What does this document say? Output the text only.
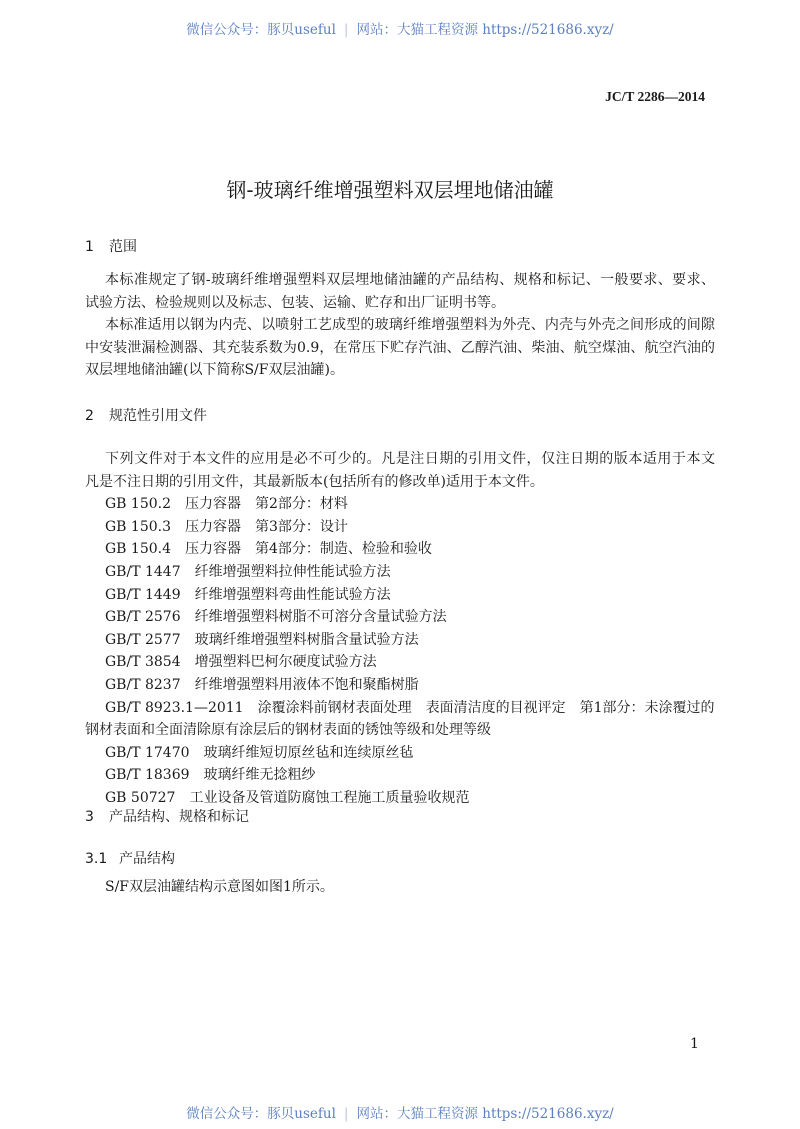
微信公众号：豚贝useful | 网站：大猫工程资源 https://521686.xyz/
JC/T 2286—2014
钢-玻璃纤维增强塑料双层埋地储油罐
1 范围
本标准规定了钢-玻璃纤维增强塑料双层埋地储油罐的产品结构、规格和标记、一般要求、要求、
试验方法、检验规则以及标志、包装、运输、贮存和出厂证明书等。
本标准适用以钢为内壳、以喷射工艺成型的玻璃纤维增强塑料为外壳、内壳与外壳之间形成的间隙
中安装泄漏检测器、其充装系数为0.9，在常压下贮存汽油、乙醇汽油、柴油、航空煤油、航空汽油的
双层埋地储油罐(以下简称S/F双层油罐)。
2 规范性引用文件
下列文件对于本文件的应用是必不可少的。凡是注日期的引用文件，仅注日期的版本适用于本文
凡是不注日期的引用文件，其最新版本(包括所有的修改单)适用于本文件。
GB 150.2 压力容器　第2部分：材料
GB 150.3 压力容器　第3部分：设计
GB 150.4 压力容器　第4部分：制造、检验和验收
GB/T 1447 纤维增强塑料拉伸性能试验方法
GB/T 1449 纤维增强塑料弯曲性能试验方法
GB/T 2576 纤维增强塑料树脂不可溶分含量试验方法
GB/T 2577 玻璃纤维增强塑料树脂含量试验方法
GB/T 3854 增强塑料巴柯尔硬度试验方法
GB/T 8237 纤维增强塑料用液体不饱和聚酯树脂
GB/T 8923.1—2011 涂覆涂料前钢材表面处理　表面清洁度的目视评定　第1部分：未涂覆过的
钢材表面和全面清除原有涂层后的钢材表面的锈蚀等级和处理等级
GB/T 17470 玻璃纤维短切原丝毡和连续原丝毡
GB/T 18369 玻璃纤维无捻粗纱
GB 50727 工业设备及管道防腐蚀工程施工质量验收规范
3 产品结构、规格和标记
3.1 产品结构
S/F双层油罐结构示意图如图1所示。
1
微信公众号：豚贝useful | 网站：大猫工程资源 https://521686.xyz/
